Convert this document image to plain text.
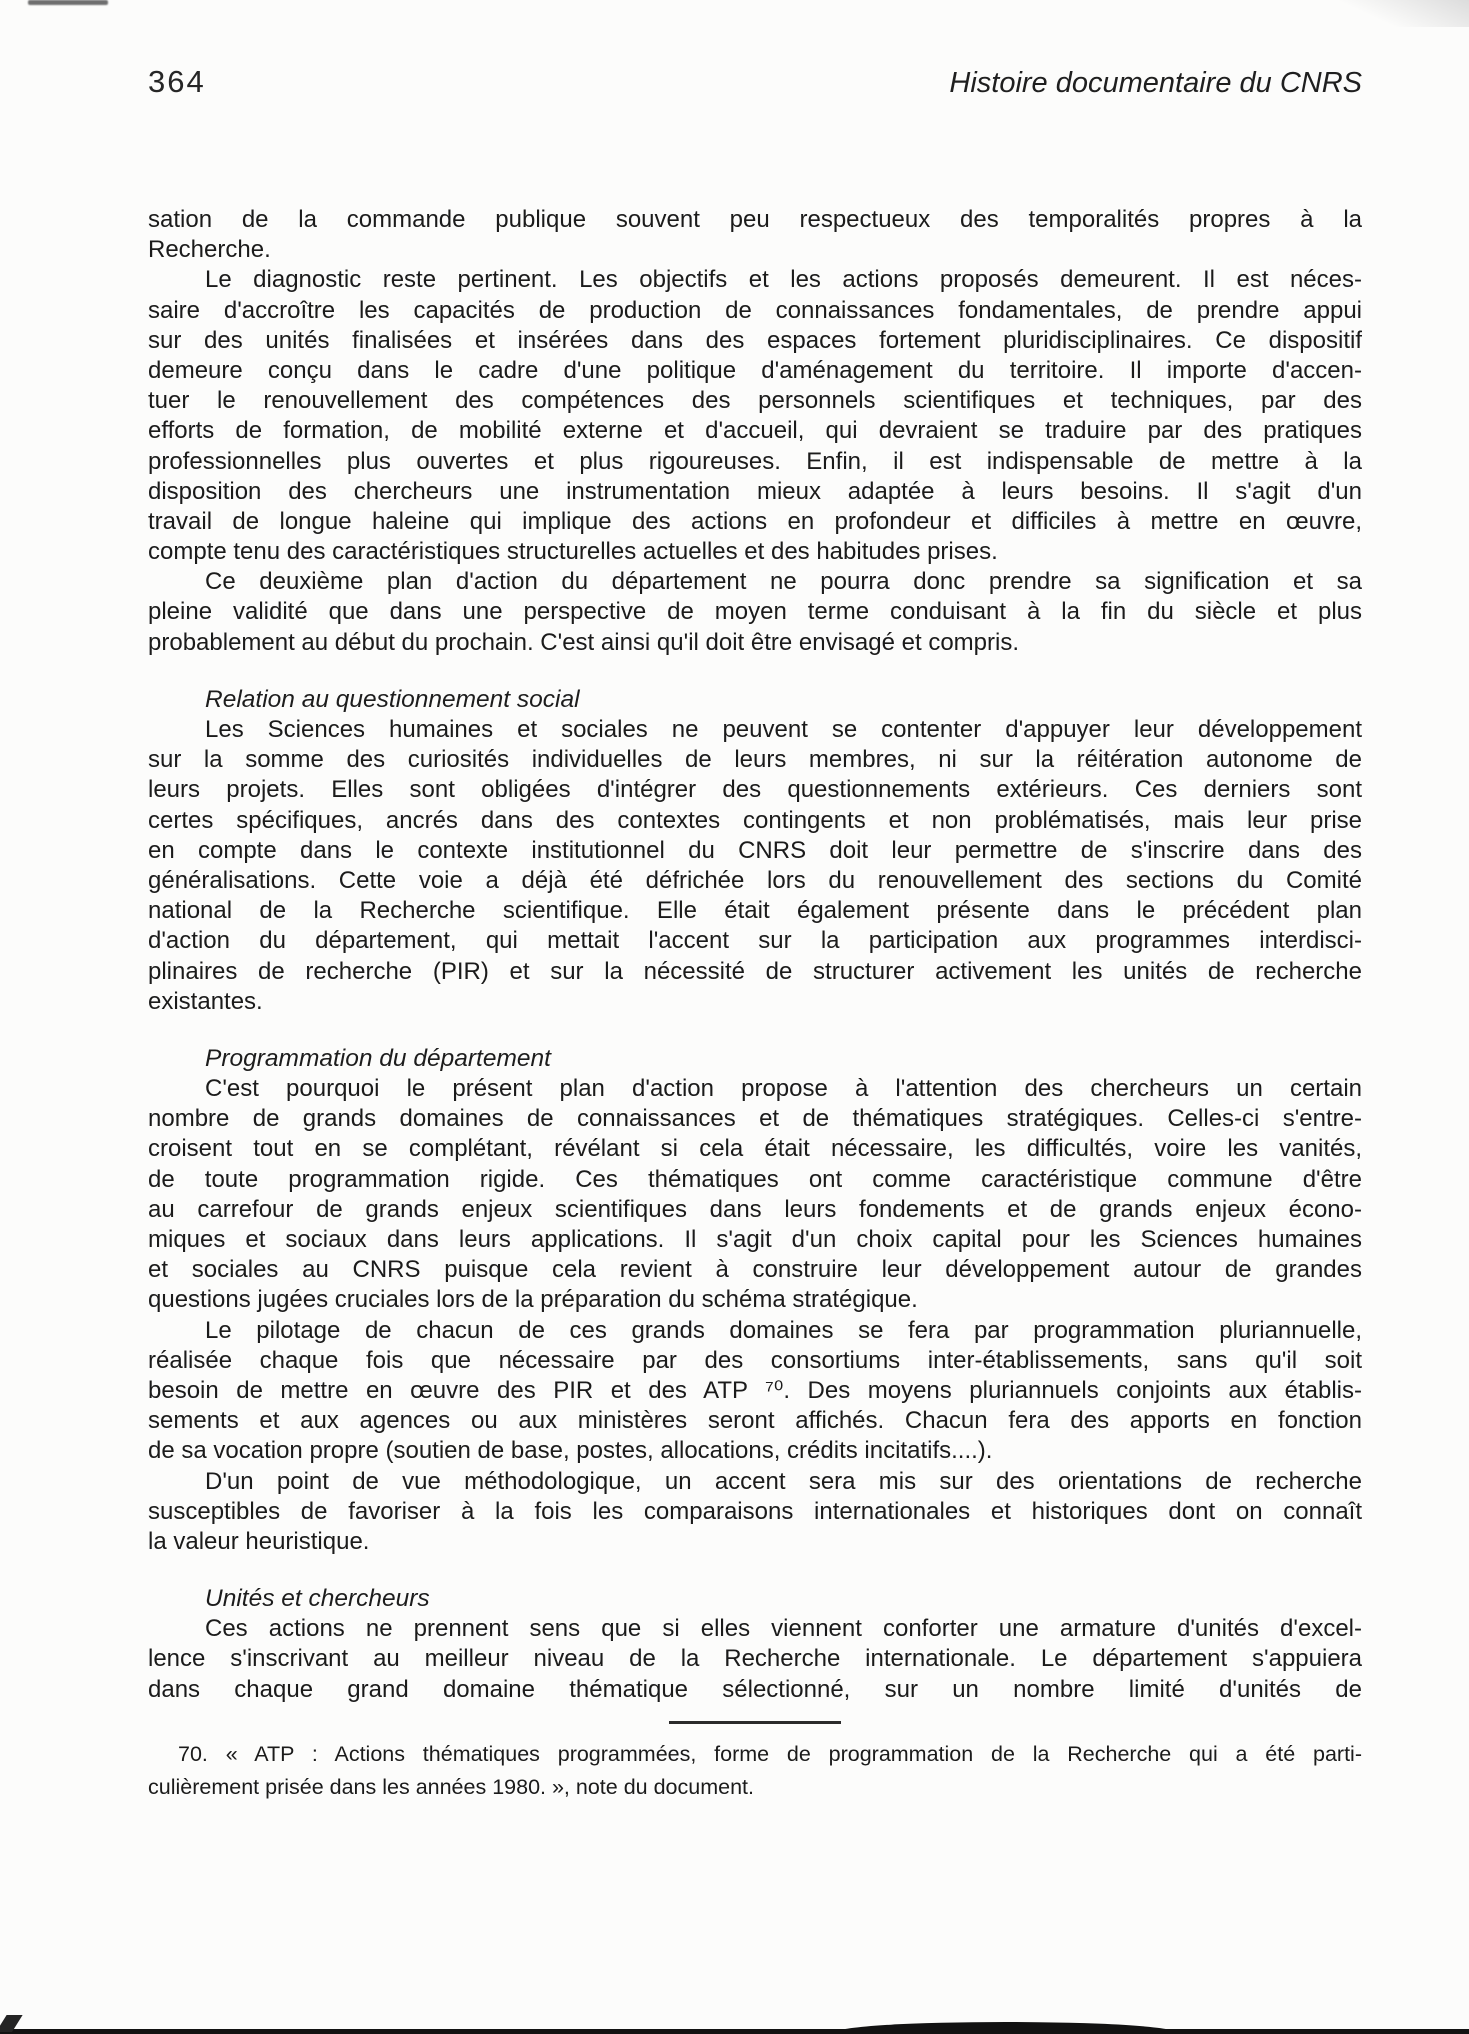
364	Histoire documentaire du CNRS
sation de la commande publique souvent peu respectueux des temporalités propres à la
Recherche.
Le diagnostic reste pertinent. Les objectifs et les actions proposés demeurent. Il est néces-
saire d'accroître les capacités de production de connaissances fondamentales, de prendre appui
sur des unités finalisées et insérées dans des espaces fortement pluridisciplinaires. Ce dispositif
demeure conçu dans le cadre d'une politique d'aménagement du territoire. Il importe d'accen-
tuer le renouvellement des compétences des personnels scientifiques et techniques, par des
efforts de formation, de mobilité externe et d'accueil, qui devraient se traduire par des pratiques
professionnelles plus ouvertes et plus rigoureuses. Enfin, il est indispensable de mettre à la
disposition des chercheurs une instrumentation mieux adaptée à leurs besoins. Il s'agit d'un
travail de longue haleine qui implique des actions en profondeur et difficiles à mettre en œuvre,
compte tenu des caractéristiques structurelles actuelles et des habitudes prises.
Ce deuxième plan d'action du département ne pourra donc prendre sa signification et sa
pleine validité que dans une perspective de moyen terme conduisant à la fin du siècle et plus
probablement au début du prochain. C'est ainsi qu'il doit être envisagé et compris.
Relation au questionnement social
Les Sciences humaines et sociales ne peuvent se contenter d'appuyer leur développement
sur la somme des curiosités individuelles de leurs membres, ni sur la réitération autonome de
leurs projets. Elles sont obligées d'intégrer des questionnements extérieurs. Ces derniers sont
certes spécifiques, ancrés dans des contextes contingents et non problématisés, mais leur prise
en compte dans le contexte institutionnel du CNRS doit leur permettre de s'inscrire dans des
généralisations. Cette voie a déjà été défrichée lors du renouvellement des sections du Comité
national de la Recherche scientifique. Elle était également présente dans le précédent plan
d'action du département, qui mettait l'accent sur la participation aux programmes interdisci-
plinaires de recherche (PIR) et sur la nécessité de structurer activement les unités de recherche
existantes.
Programmation du département
C'est pourquoi le présent plan d'action propose à l'attention des chercheurs un certain
nombre de grands domaines de connaissances et de thématiques stratégiques. Celles-ci s'entre-
croisent tout en se complétant, révélant si cela était nécessaire, les difficultés, voire les vanités,
de toute programmation rigide. Ces thématiques ont comme caractéristique commune d'être
au carrefour de grands enjeux scientifiques dans leurs fondements et de grands enjeux écono-
miques et sociaux dans leurs applications. Il s'agit d'un choix capital pour les Sciences humaines
et sociales au CNRS puisque cela revient à construire leur développement autour de grandes
questions jugées cruciales lors de la préparation du schéma stratégique.
Le pilotage de chacun de ces grands domaines se fera par programmation pluriannuelle,
réalisée chaque fois que nécessaire par des consortiums inter-établissements, sans qu'il soit
besoin de mettre en œuvre des PIR et des ATP ⁷⁰. Des moyens pluriannuels conjoints aux établis-
sements et aux agences ou aux ministères seront affichés. Chacun fera des apports en fonction
de sa vocation propre (soutien de base, postes, allocations, crédits incitatifs....).
D'un point de vue méthodologique, un accent sera mis sur des orientations de recherche
susceptibles de favoriser à la fois les comparaisons internationales et historiques dont on connaît
la valeur heuristique.
Unités et chercheurs
Ces actions ne prennent sens que si elles viennent conforter une armature d'unités d'excel-
lence s'inscrivant au meilleur niveau de la Recherche internationale. Le département s'appuiera
dans chaque grand domaine thématique sélectionné, sur un nombre limité d'unités de
70. « ATP : Actions thématiques programmées, forme de programmation de la Recherche qui a été parti-
culièrement prisée dans les années 1980. », note du document.
